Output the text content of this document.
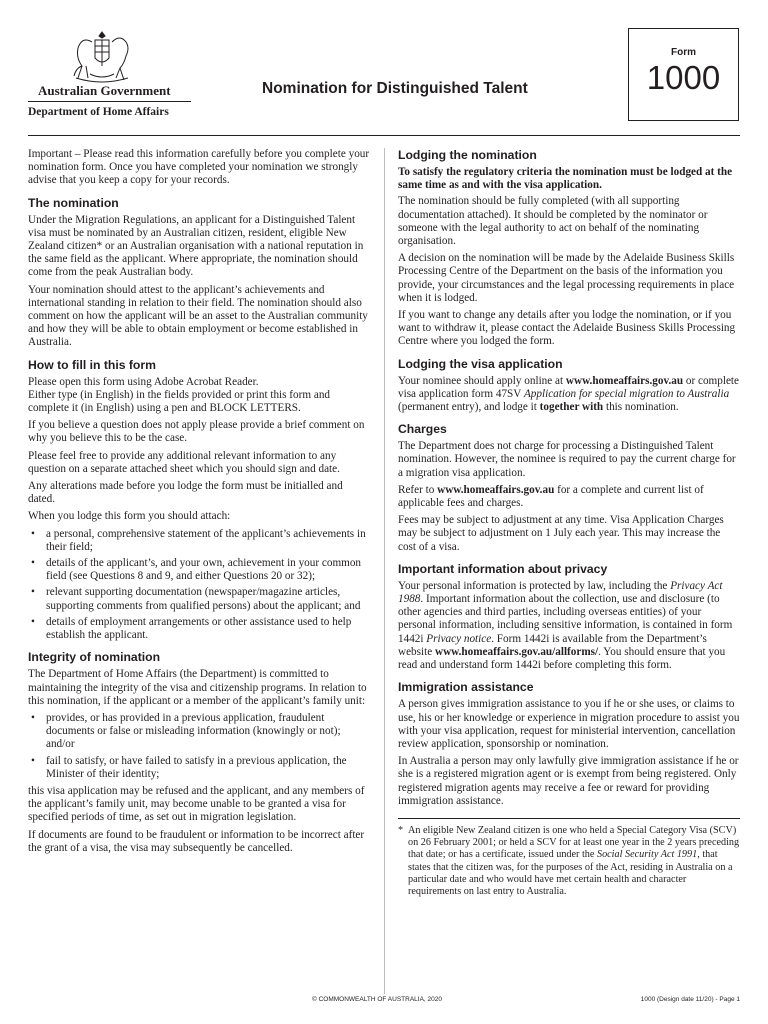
Australian Government
Department of Home Affairs
Nomination for Distinguished Talent
Form
1000

Important – Please read this information carefully before you complete your nomination form. Once you have completed your nomination we strongly advise that you keep a copy for your records.

The nomination

Under the Migration Regulations, an applicant for a Distinguished Talent visa must be nominated by an Australian citizen, resident, eligible New Zealand citizen* or an Australian organisation with a national reputation in the same field as the applicant. Where appropriate, the nomination should come from the peak Australian body.

Your nomination should attest to the applicant’s achievements and international standing in relation to their field. The nomination should also comment on how the applicant will be an asset to the Australian community and how they will be able to obtain employment or become established in Australia.

How to fill in this form

Please open this form using Adobe Acrobat Reader.
Either type (in English) in the fields provided or print this form and complete it (in English) using a pen and BLOCK LETTERS.

If you believe a question does not apply please provide a brief comment on why you believe this to be the case.

Please feel free to provide any additional relevant information to any question on a separate attached sheet which you should sign and date.

Any alterations made before you lodge the form must be initialled and dated.

When you lodge this form you should attach:

• a personal, comprehensive statement of the applicant’s achievements in their field;
• details of the applicant’s, and your own, achievement in your common field (see Questions 8 and 9, and either Questions 20 or 32);
• relevant supporting documentation (newspaper/magazine articles, supporting comments from qualified persons) about the applicant; and
• details of employment arrangements or other assistance used to help establish the applicant.
Integrity of nomination

The Department of Home Affairs (the Department) is committed to maintaining the integrity of the visa and citizenship programs. In relation to this nomination, if the applicant or a member of the applicant’s family unit:

• provides, or has provided in a previous application, fraudulent documents or false or misleading information (knowingly or not); and/or
• fail to satisfy, or have failed to satisfy in a previous application, the Minister of their identity;

this visa application may be refused and the applicant, and any members of the applicant’s family unit, may become unable to be granted a visa for specified periods of time, as set out in migration legislation.

If documents are found to be fraudulent or information to be incorrect after the grant of a visa, the visa may subsequently be cancelled.

Lodging the nomination

To satisfy the regulatory criteria the nomination must be lodged at the same time as and with the visa application.

The nomination should be fully completed (with all supporting documentation attached). It should be completed by the nominator or someone with the legal authority to act on behalf of the nominating organisation.

A decision on the nomination will be made by the Adelaide Business Skills Processing Centre of the Department on the basis of the information you provide, your circumstances and the legal processing requirements in place when it is lodged.

If you want to change any details after you lodge the nomination, or if you want to withdraw it, please contact the Adelaide Business Skills Processing Centre where you lodged the form.

Lodging the visa application

Your nominee should apply online at www.homeaffairs.gov.au or complete visa application form 47SV Application for special migration to Australia (permanent entry), and lodge it together with this nomination.

Charges

The Department does not charge for processing a Distinguished Talent nomination. However, the nominee is required to pay the current charge for a migration visa application.

Refer to www.homeaffairs.gov.au for a complete and current list of applicable fees and charges.

Fees may be subject to adjustment at any time. Visa Application Charges may be subject to adjustment on 1 July each year. This may increase the cost of a visa.

Important information about privacy

Your personal information is protected by law, including the Privacy Act 1988. Important information about the collection, use and disclosure (to other agencies and third parties, including overseas entities) of your personal information, including sensitive information, is contained in form 1442i Privacy notice. Form 1442i is available from the Department’s website www.homeaffairs.gov.au/allforms/. You should ensure that you read and understand form 1442i before completing this form.

Immigration assistance

A person gives immigration assistance to you if he or she uses, or claims to use, his or her knowledge or experience in migration procedure to assist you with your visa application, request for ministerial intervention, cancellation review application, sponsorship or nomination.

In Australia a person may only lawfully give immigration assistance if he or she is a registered migration agent or is exempt from being registered. Only registered migration agents may receive a fee or reward for providing immigration assistance.

* An eligible New Zealand citizen is one who held a Special Category Visa (SCV) on 26 February 2001; or held a SCV for at least one year in the 2 years preceding that date; or has a certificate, issued under the Social Security Act 1991, that states that the citizen was, for the purposes of the Act, residing in Australia on a particular date and who would have met certain health and character requirements on last entry to Australia.
© COMMONWEALTH OF AUSTRALIA, 2020	1000 (Design date 11/20) - Page 1
